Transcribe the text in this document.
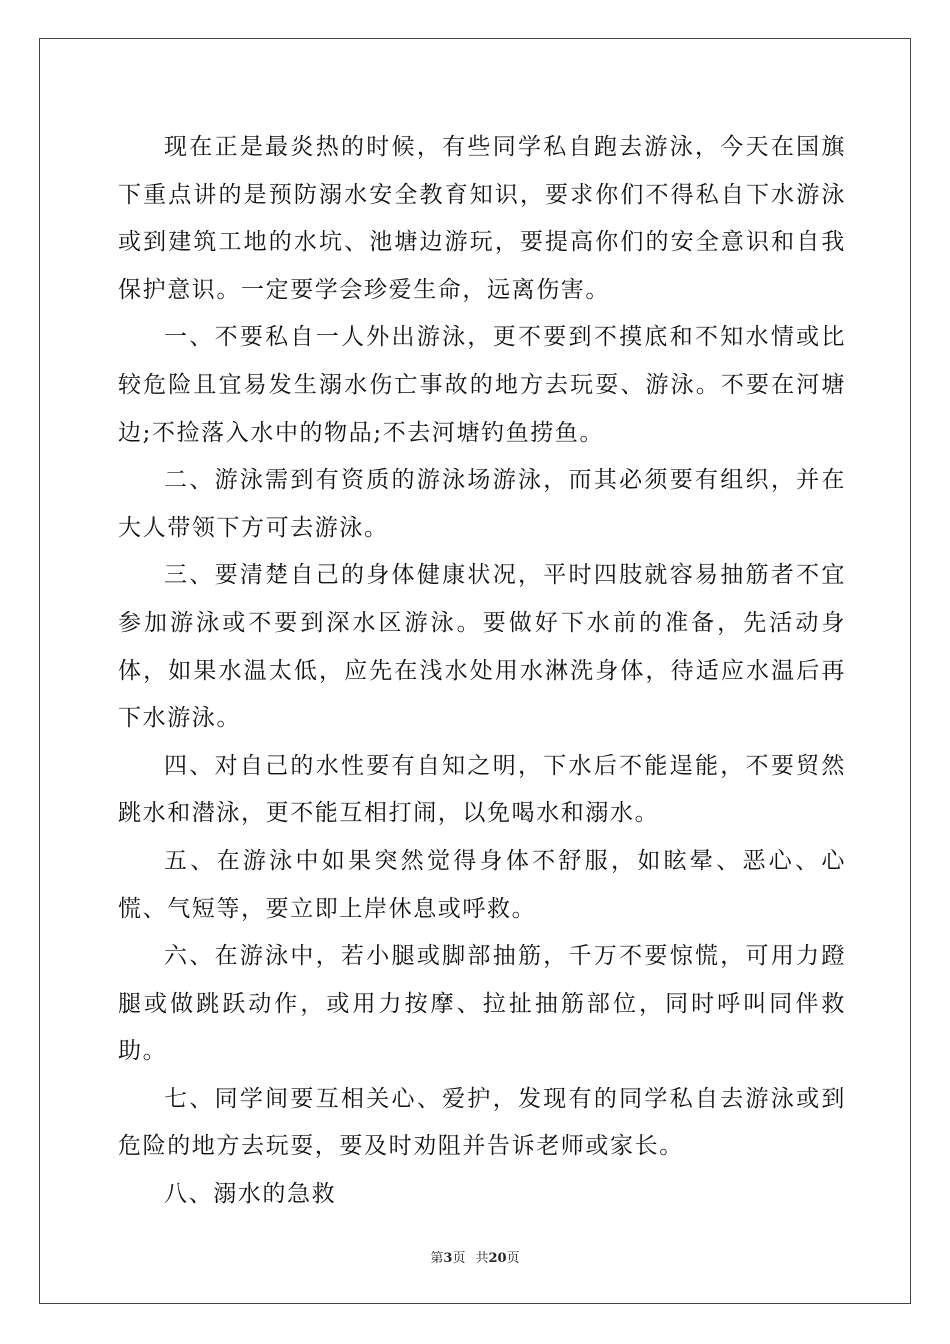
现在正是最炎热的时候，有些同学私自跑去游泳，今天在国旗下重点讲的是预防溺水安全教育知识，要求你们不得私自下水游泳或到建筑工地的水坑、池塘边游玩，要提高你们的安全意识和自我保护意识。一定要学会珍爱生命，远离伤害。

一、不要私自一人外出游泳，更不要到不摸底和不知水情或比较危险且宜易发生溺水伤亡事故的地方去玩耍、游泳。不要在河塘边;不捡落入水中的物品;不去河塘钓鱼捞鱼。

二、游泳需到有资质的游泳场游泳，而其必须要有组织，并在大人带领下方可去游泳。

三、要清楚自己的身体健康状况，平时四肢就容易抽筋者不宜参加游泳或不要到深水区游泳。要做好下水前的准备，先活动身体，如果水温太低，应先在浅水处用水淋洗身体，待适应水温后再下水游泳。

四、对自己的水性要有自知之明，下水后不能逞能，不要贸然跳水和潜泳，更不能互相打闹，以免喝水和溺水。

五、在游泳中如果突然觉得身体不舒服，如眩晕、恶心、心慌、气短等，要立即上岸休息或呼救。

六、在游泳中，若小腿或脚部抽筋，千万不要惊慌，可用力蹬腿或做跳跃动作，或用力按摩、拉扯抽筋部位，同时呼叫同伴救助。

七、同学间要互相关心、爱护，发现有的同学私自去游泳或到危险的地方去玩耍，要及时劝阻并告诉老师或家长。

八、溺水的急救

第3页 共20页
